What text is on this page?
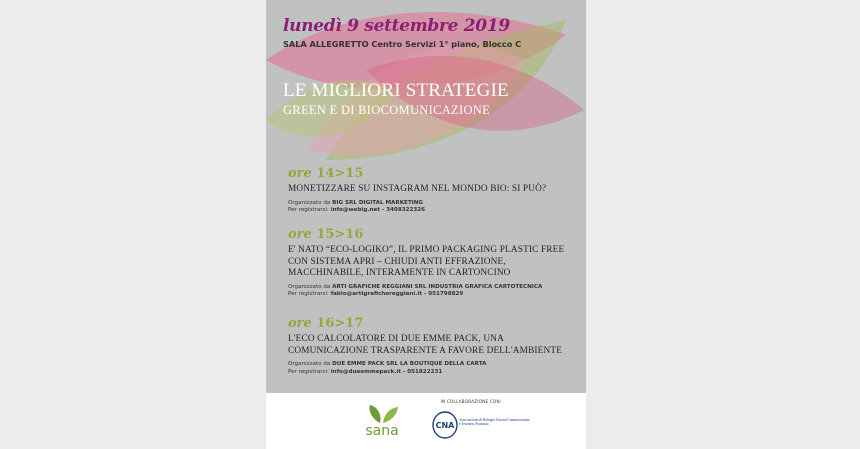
lunedì 9 settembre 2019
SALA ALLEGRETTO Centro Servizi 1° piano, Blocco C
LE MIGLIORI STRATEGIE
GREEN E DI BIOCOMUNICAZIONE
ore 14>15
MONETIZZARE SU INSTAGRAM NEL MONDO BIO: SI PUÒ?
Organizzato da BIG SRL DIGITAL MARKETING
Per registrarsi: info@webig.net - 3408322326
ore 15>16
E' NATO “ECO-LOGIKO”, IL PRIMO PACKAGING PLASTIC FREE CON SISTEMA APRI – CHIUDI ANTI EFFRAZIONE, MACCHINABILE, INTERAMENTE IN CARTONCINO
Organizzato da ARTI GRAFICHE REGGIANI SRL INDUSTRIA GRAFICA CARTOTECNICA
Per registrarsi: fabio@artigrafichereggiani.it - 051798829
ore 16>17
L'ECO CALCOLATORE DI DUE EMME PACK, UNA COMUNICAZIONE TRASPARENTE A FAVORE DELL'AMBIENTE
Organizzato da DUE EMME PACK SRL LA BOUTIQUE DELLA CARTA
Per registrarsi: info@dueemmepack.it - 051822231
sana
IN COLLABORAZIONE CON:
CNA
Associazione di Bologna Unione Comunicazione e Terziario Avanzato
